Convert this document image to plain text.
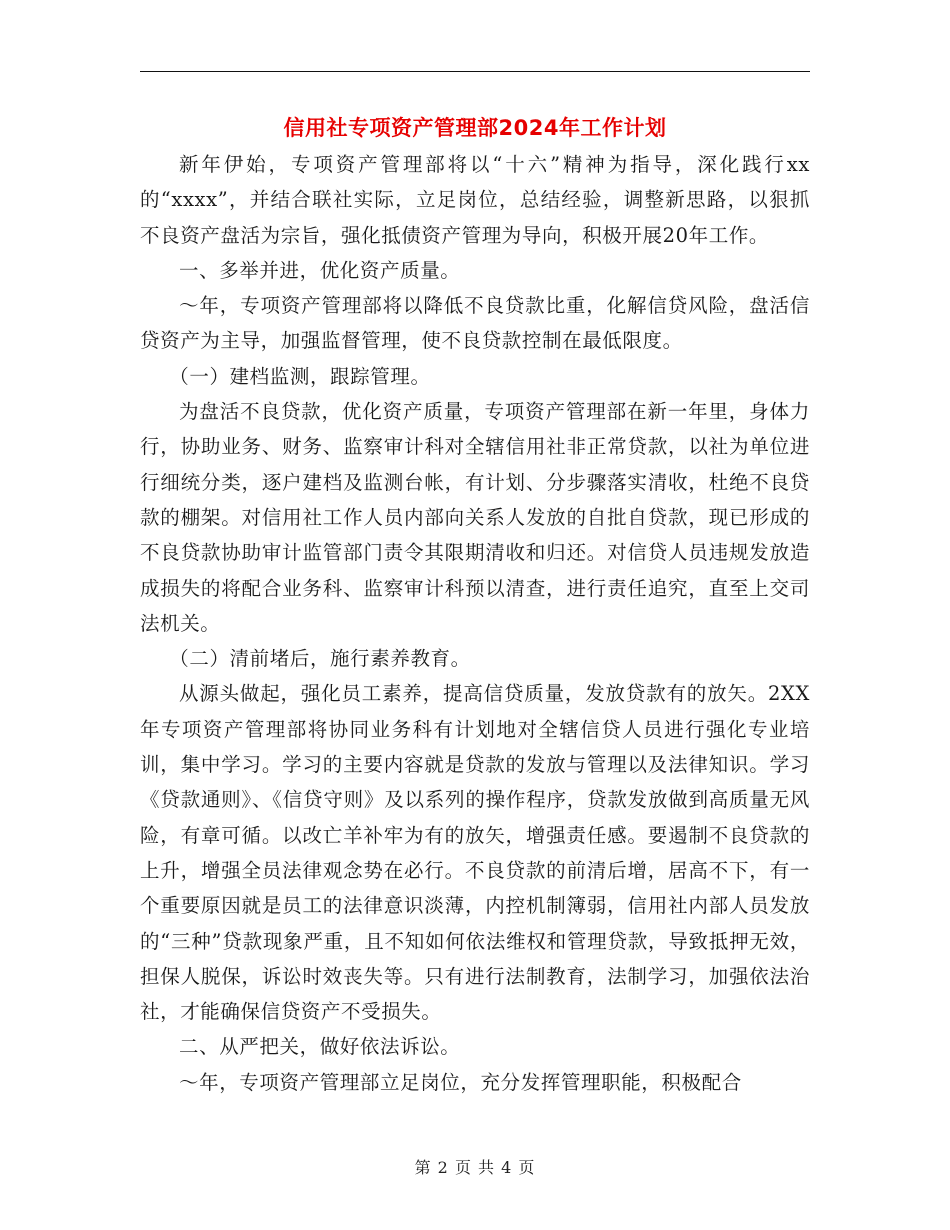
信用社专项资产管理部2024年工作计划

新年伊始，专项资产管理部将以“十六”精神为指导，深化践行xx的“xxxx”，并结合联社实际，立足岗位，总结经验，调整新思路，以狠抓不良资产盘活为宗旨，强化抵债资产管理为导向，积极开展20年工作。

一、多举并进，优化资产质量。

～年，专项资产管理部将以降低不良贷款比重，化解信贷风险，盘活信贷资产为主导，加强监督管理，使不良贷款控制在最低限度。

（一）建档监测，跟踪管理。

为盘活不良贷款，优化资产质量，专项资产管理部在新一年里，身体力行，协助业务、财务、监察审计科对全辖信用社非正常贷款，以社为单位进行细统分类，逐户建档及监测台帐，有计划、分步骤落实清收，杜绝不良贷款的棚架。对信用社工作人员内部向关系人发放的自批自贷款，现已形成的不良贷款协助审计监管部门责令其限期清收和归还。对信贷人员违规发放造成损失的将配合业务科、监察审计科预以清查，进行责任追究，直至上交司法机关。

（二）清前堵后，施行素养教育。

从源头做起，强化员工素养，提高信贷质量，发放贷款有的放矢。2XX年专项资产管理部将协同业务科有计划地对全辖信贷人员进行强化专业培训，集中学习。学习的主要内容就是贷款的发放与管理以及法律知识。学习《贷款通则》、《信贷守则》及以系列的操作程序，贷款发放做到高质量无风险，有章可循。以改亡羊补牢为有的放矢，增强责任感。要遏制不良贷款的上升，增强全员法律观念势在必行。不良贷款的前清后增，居高不下，有一个重要原因就是员工的法律意识淡薄，内控机制簿弱，信用社内部人员发放的“三种”贷款现象严重，且不知如何依法维权和管理贷款，导致抵押无效，担保人脱保，诉讼时效丧失等。只有进行法制教育，法制学习，加强依法治社，才能确保信贷资产不受损失。

二、从严把关，做好依法诉讼。

～年，专项资产管理部立足岗位，充分发挥管理职能，积极配合

第 2 页 共 4 页
